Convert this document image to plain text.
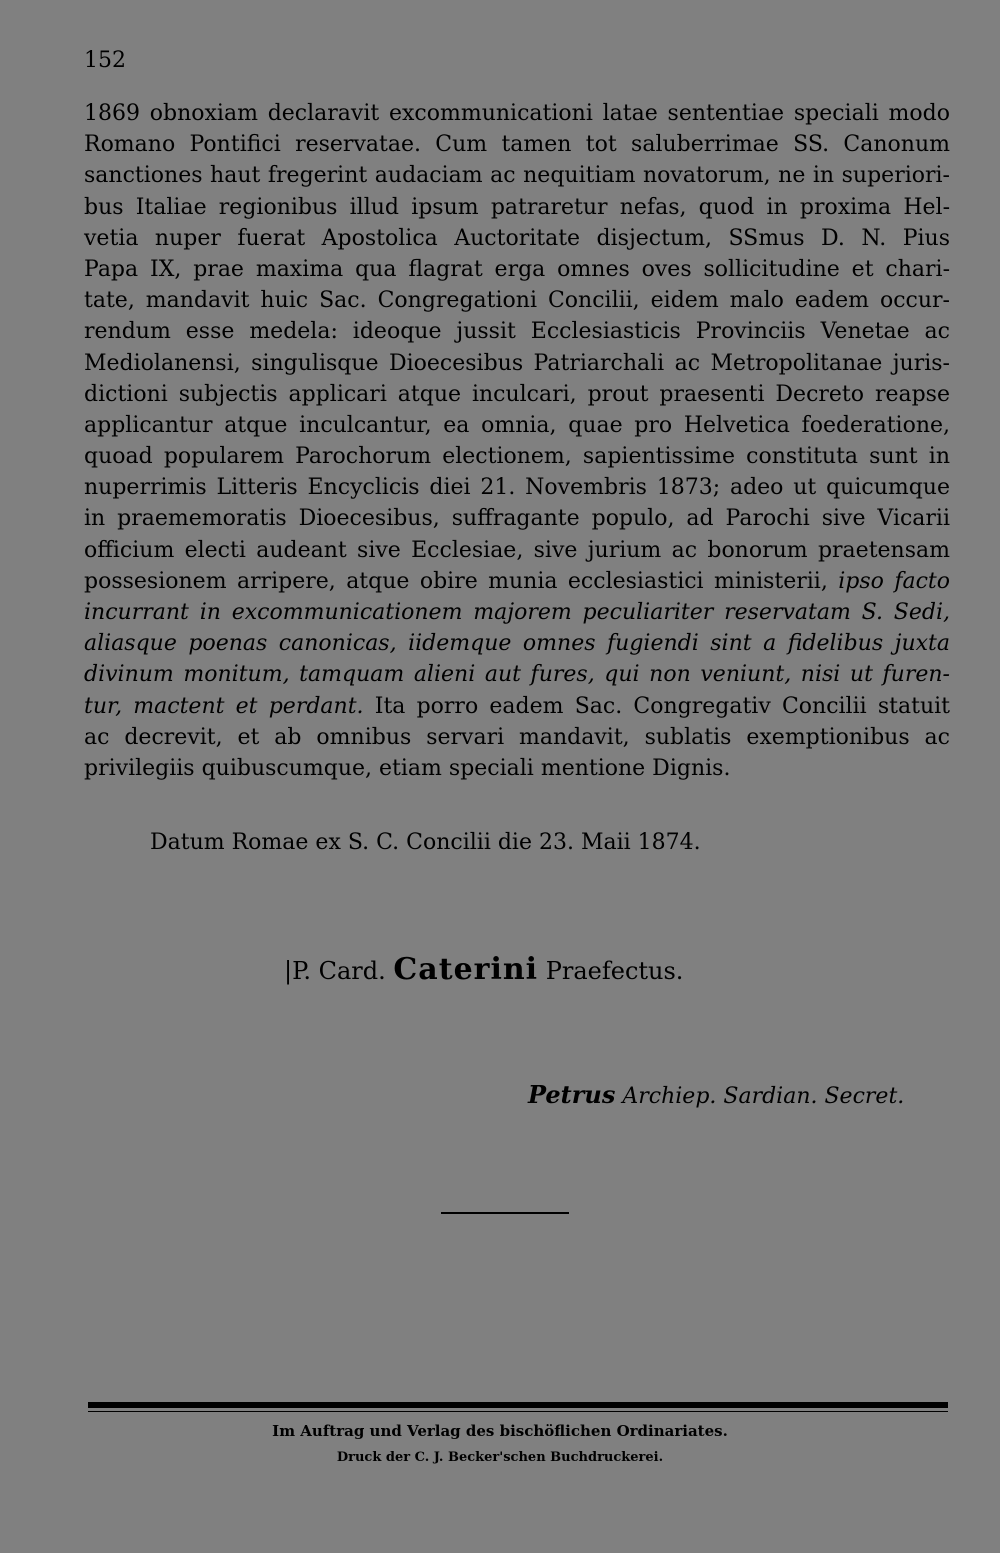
152
1869 obnoxiam declaravit excommunicationi latae sententiae speciali modo
Romano Pontifici reservatae. Cum tamen tot saluberrimae SS. Canonum
sanctiones haut fregerint audaciam ac nequitiam novatorum, ne in superiori-
bus Italiae regionibus illud ipsum patraretur nefas, quod in proxima Hel-
vetia nuper fuerat Apostolica Auctoritate disjectum, SSmus D. N. Pius
Papa IX, prae maxima qua flagrat erga omnes oves sollicitudine et chari-
tate, mandavit huic Sac. Congregationi Concilii, eidem malo eadem occur-
rendum esse medela: ideoque jussit Ecclesiasticis Provinciis Venetae ac
Mediolanensi, singulisque Dioecesibus Patriarchali ac Metropolitanae juris-
dictioni subjectis applicari atque inculcari, prout praesenti Decreto reapse
applicantur atque inculcantur, ea omnia, quae pro Helvetica foederatione,
quoad popularem Parochorum electionem, sapientissime constituta sunt in
nuperrimis Litteris Encyclicis diei 21. Novembris 1873; adeo ut quicumque
in praememoratis Dioecesibus, suffragante populo, ad Parochi sive Vicarii
officium electi audeant sive Ecclesiae, sive jurium ac bonorum praetensam
possesionem arripere, atque obire munia ecclesiastici ministerii, ipso facto
incurrant in excommunicationem majorem peculiariter reservatam S. Sedi,
aliasque poenas canonicas, iidemque omnes fugiendi sint a fidelibus juxta
divinum monitum, tamquam alieni aut fures, qui non veniunt, nisi ut furen-
tur, mactent et perdant. Ita porro eadem Sac. Congregativ Concilii statuit
ac decrevit, et ab omnibus servari mandavit, sublatis exemptionibus ac
privilegiis quibuscumque, etiam speciali mentione Dignis.
Datum Romae ex S. C. Concilii die 23. Maii 1874.
|P. Card. Caterini Praefectus.
Petrus Archiep. Sardian. Secret.
Im Auftrag und Verlag des bischöflichen Ordinariates.
Druck der C. J. Becker'schen Buchdruckerei.
